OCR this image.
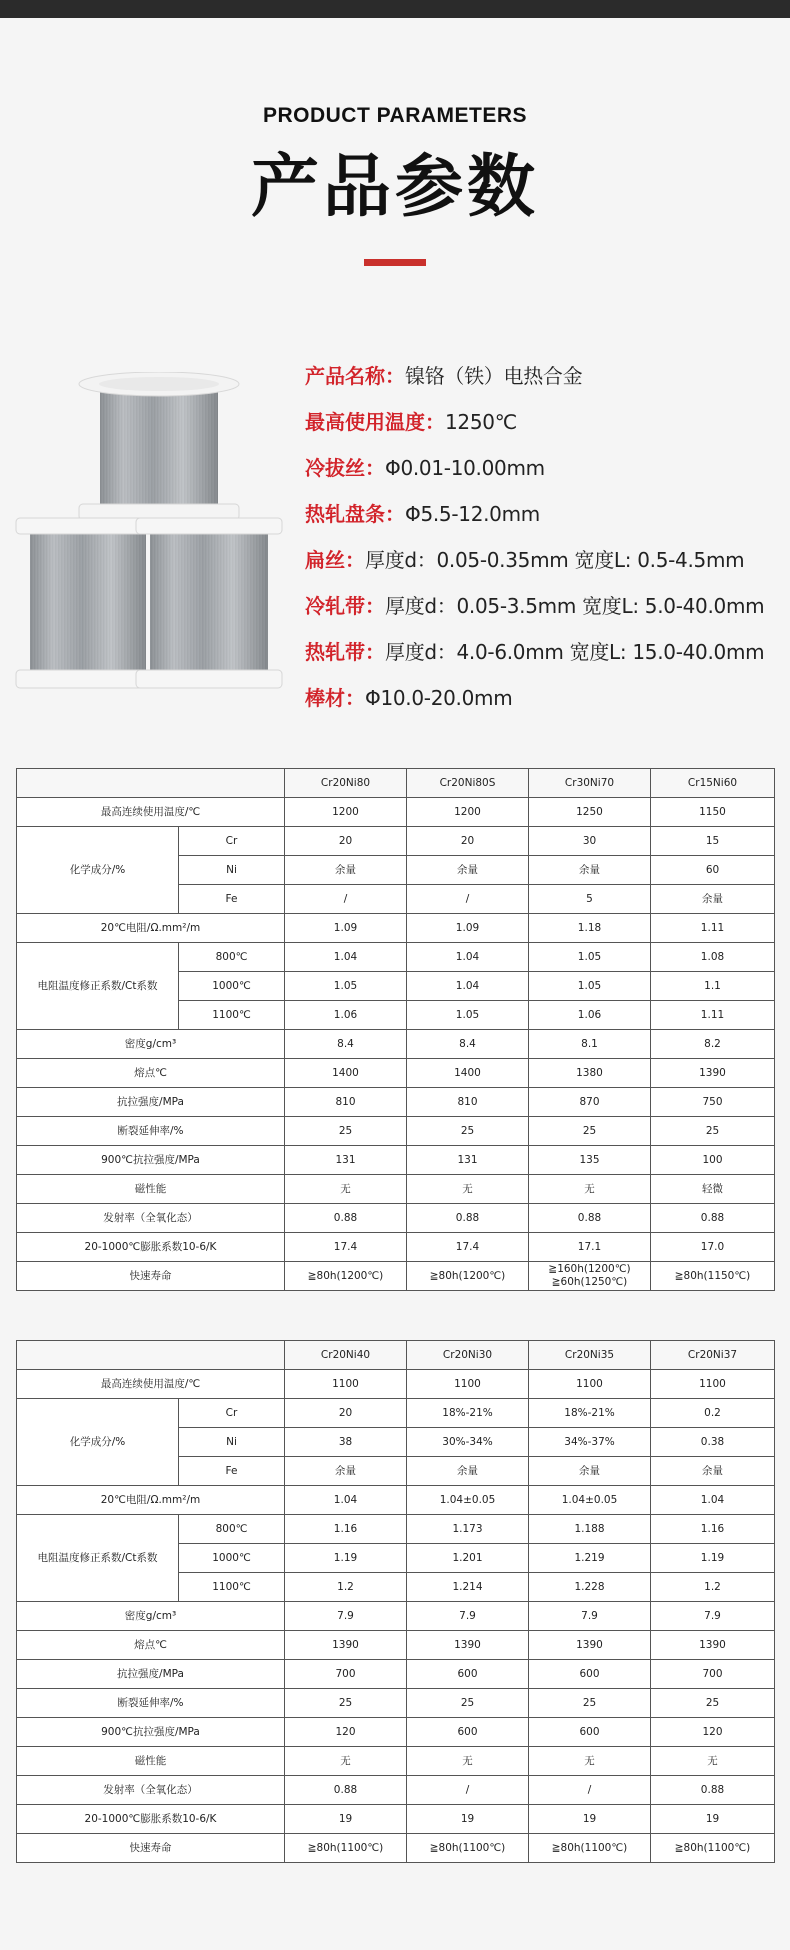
PRODUCT PARAMETERS
产品参数
产品名称：镍铬（铁）电热合金
最高使用温度：1250℃
冷拔丝：Φ0.01-10.00mm
热轧盘条：Φ5.5-12.0mm
扁丝：厚度d：0.05-0.35mm 宽度L: 0.5-4.5mm
冷轧带：厚度d：0.05-3.5mm 宽度L: 5.0-40.0mm
热轧带：厚度d：4.0-6.0mm 宽度L: 15.0-40.0mm
棒材：Φ10.0-20.0mm
		Cr20Ni80	Cr20Ni80S	Cr30Ni70	Cr15Ni60
最高连续使用温度/℃		1200	1200	1250	1150
化学成分/%	Cr	20	20	30	15
	Ni	余量	余量	余量	60
	Fe	/	/	5	余量
20℃电阻/Ω.mm²/m		1.09	1.09	1.18	1.11
电阻温度修正系数/Ct系数	800℃	1.04	1.04	1.05	1.08
	1000℃	1.05	1.04	1.05	1.1
	1100℃	1.06	1.05	1.06	1.11
密度g/cm³		8.4	8.4	8.1	8.2
熔点℃		1400	1400	1380	1390
抗拉强度/MPa		810	810	870	750
断裂延伸率/%		25	25	25	25
900℃抗拉强度/MPa		131	131	135	100
磁性能		无	无	无	轻微
发射率（全氧化态）		0.88	0.88	0.88	0.88
20-1000℃膨胀系数10-6/K		17.4	17.4	17.1	17.0
快速寿命		≧80h(1200℃)	≧80h(1200℃)	≧160h(1200℃)
≧60h(1250℃)	≧80h(1150℃)
		Cr20Ni40	Cr20Ni30	Cr20Ni35	Cr20Ni37
最高连续使用温度/℃		1100	1100	1100	1100
化学成分/%	Cr	20	18%-21%	18%-21%	0.2
	Ni	38	30%-34%	34%-37%	0.38
	Fe	余量	余量	余量	余量
20℃电阻/Ω.mm²/m		1.04	1.04±0.05	1.04±0.05	1.04
电阻温度修正系数/Ct系数	800℃	1.16	1.173	1.188	1.16
	1000℃	1.19	1.201	1.219	1.19
	1100℃	1.2	1.214	1.228	1.2
密度g/cm³		7.9	7.9	7.9	7.9
熔点℃		1390	1390	1390	1390
抗拉强度/MPa		700	600	600	700
断裂延伸率/%		25	25	25	25
900℃抗拉强度/MPa		120	600	600	120
磁性能		无	无	无	无
发射率（全氧化态）		0.88	/	/	0.88
20-1000℃膨胀系数10-6/K		19	19	19	19
快速寿命		≧80h(1100℃)	≧80h(1100℃)	≧80h(1100℃)	≧80h(1100℃)
